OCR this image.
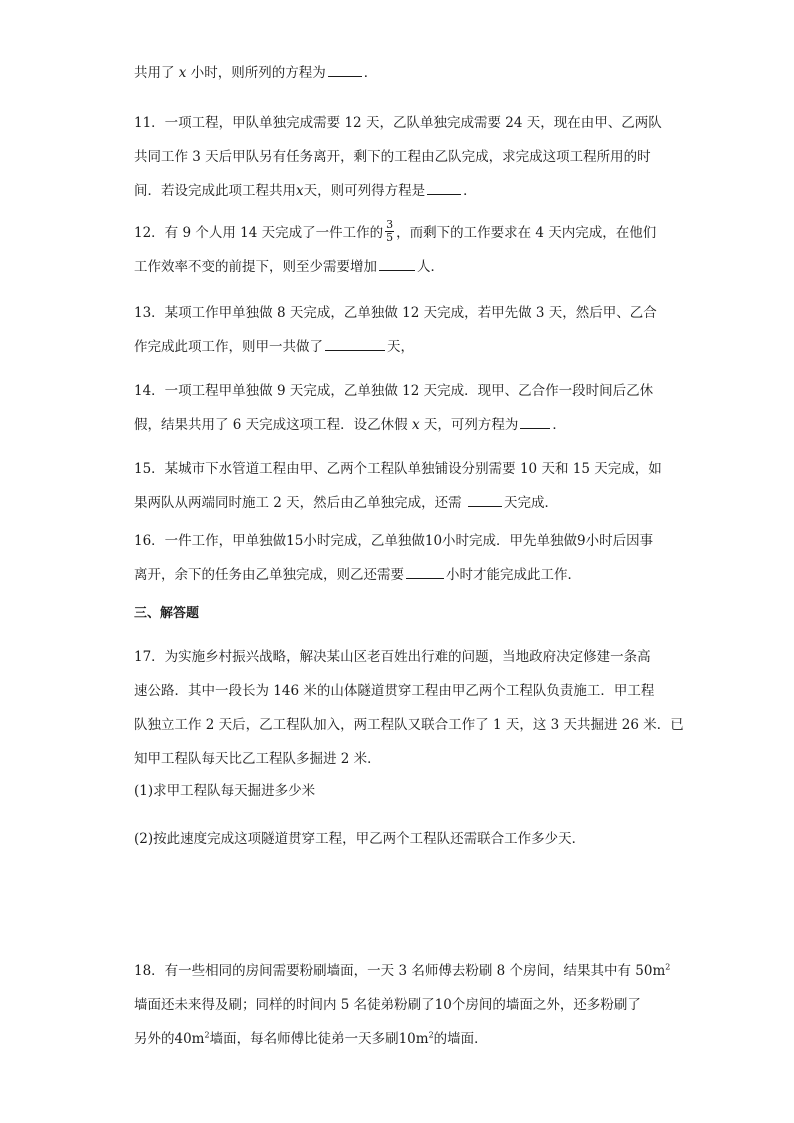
共用了 x 小时，则所列的方程为	．

11．一项工程，甲队单独完成需要 12 天，乙队单独完成需要 24 天，现在由甲、乙两队
共同工作 3 天后甲队另有任务离开，剩下的工程由乙队完成，求完成这项工程所用的时
间．若设完成此项工程共用x天，则可列得方程是	．

12．有 9 个人用 14 天完成了一件工作的 $\frac{3}{5}$ ，而剩下的工作要求在 4 天内完成，在他们
工作效率不变的前提下，则至少需要增加	人．

13．某项工作甲单独做 8 天完成，乙单独做 12 天完成，若甲先做 3 天，然后甲、乙合
作完成此项工作，则甲一共做了	天，

14．一项工程甲单独做 9 天完成，乙单独做 12 天完成．现甲、乙合作一段时间后乙休
假，结果共用了 6 天完成这项工程．设乙休假 x 天，可列方程为	．

15．某城市下水管道工程由甲、乙两个工程队单独铺设分别需要 10 天和 15 天完成，如
果两队从两端同时施工 2 天，然后由乙单独完成，还需	天完成．

16．一件工作，甲单独做15小时完成，乙单独做10小时完成．甲先单独做9小时后因事
离开，余下的任务由乙单独完成，则乙还需要	小时才能完成此工作．

三、解答题

17．为实施乡村振兴战略，解决某山区老百姓出行难的问题，当地政府决定修建一条高
速公路．其中一段长为 146 米的山体隧道贯穿工程由甲乙两个工程队负责施工．甲工程
队独立工作 2 天后，乙工程队加入，两工程队又联合工作了 1 天，这 3 天共掘进 26 米．已
知甲工程队每天比乙工程队多掘进 2 米．

(1)求甲工程队每天掘进多少米

(2)按此速度完成这项隧道贯穿工程，甲乙两个工程队还需联合工作多少天．

18．有一些相同的房间需要粉刷墙面，一天 3 名师傅去粉刷 8 个房间，结果其中有 $50m^2$
墙面还未来得及刷；同样的时间内 5 名徒弟粉刷了10个房间的墙面之外，还多粉刷了
另外的$40m^2$墙面，每名师傅比徒弟一天多刷$10m^2$的墙面．
